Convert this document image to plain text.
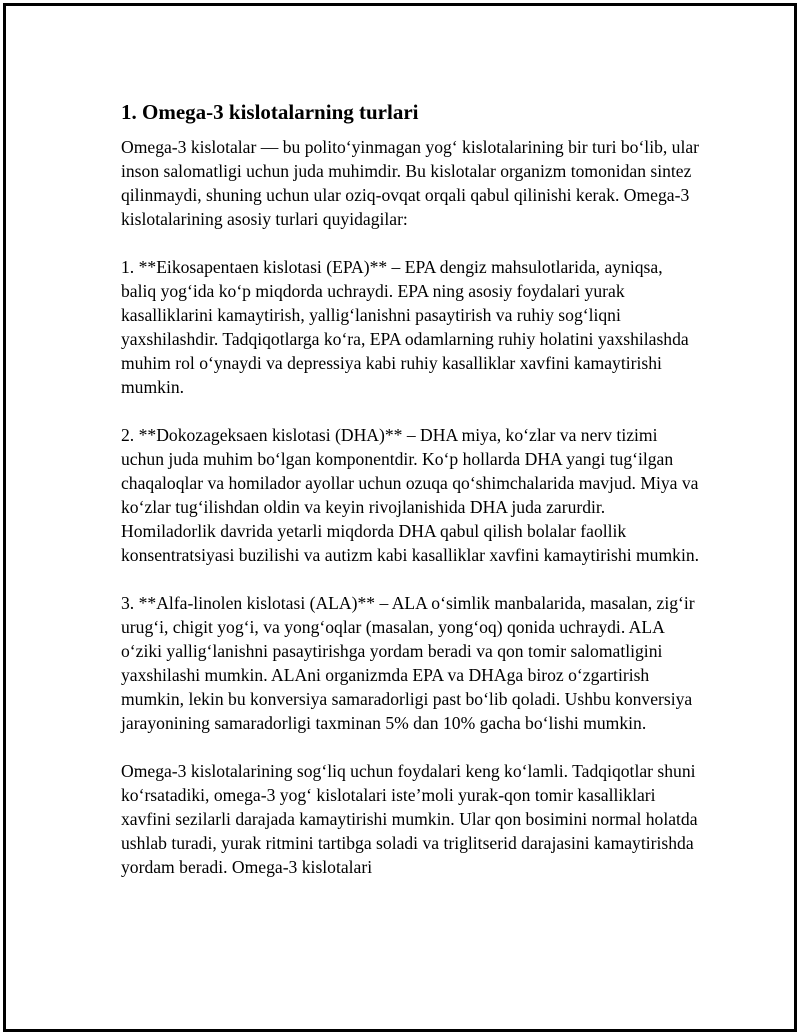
1. Omega-3 kislotalarning turlari

Omega-3 kislotalar — bu polito‘yinmagan yog‘ kislotalarining bir turi bo‘lib, ular inson salomatligi uchun juda muhimdir. Bu kislotalar organizm tomonidan sintez qilinmaydi, shuning uchun ular oziq-ovqat orqali qabul qilinishi kerak. Omega-3 kislotalarining asosiy turlari quyidagilar:

1. **Eikosapentaen kislotasi (EPA)** – EPA dengiz mahsulotlarida, ayniqsa, baliq yog‘ida ko‘p miqdorda uchraydi. EPA ning asosiy foydalari yurak kasalliklarini kamaytirish, yallig‘lanishni pasaytirish va ruhiy sog‘liqni yaxshilashdir. Tadqiqotlarga ko‘ra, EPA odamlarning ruhiy holatini yaxshilashda muhim rol o‘ynaydi va depressiya kabi ruhiy kasalliklar xavfini kamaytirishi mumkin.

2. **Dokozageksaen kislotasi (DHA)** – DHA miya, ko‘zlar va nerv tizimi uchun juda muhim bo‘lgan komponentdir. Ko‘p hollarda DHA yangi tug‘ilgan chaqaloqlar va homilador ayollar uchun ozuqa qo‘shimchalarida mavjud. Miya va ko‘zlar tug‘ilishdan oldin va keyin rivojlanishida DHA juda zarurdir. Homiladorlik davrida yetarli miqdorda DHA qabul qilish bolalar faollik konsentratsiyasi buzilishi va autizm kabi kasalliklar xavfini kamaytirishi mumkin.

3. **Alfa-linolen kislotasi (ALA)** – ALA o‘simlik manbalarida, masalan, zig‘ir urug‘i, chigit yog‘i, va yong‘oqlar (masalan, yong‘oq) qonida uchraydi. ALA o‘ziki yallig‘lanishni pasaytirishga yordam beradi va qon tomir salomatligini yaxshilashi mumkin. ALAni organizmda EPA va DHAga biroz o‘zgartirish mumkin, lekin bu konversiya samaradorligi past bo‘lib qoladi. Ushbu konversiya jarayonining samaradorligi taxminan 5% dan 10% gacha bo‘lishi mumkin.

Omega-3 kislotalarining sog‘liq uchun foydalari keng ko‘lamli. Tadqiqotlar shuni ko‘rsatadiki, omega-3 yog‘ kislotalari iste’moli yurak-qon tomir kasalliklari xavfini sezilarli darajada kamaytirishi mumkin. Ular qon bosimini normal holatda ushlab turadi, yurak ritmini tartibga soladi va triglitserid darajasini kamaytirishda yordam beradi. Omega-3 kislotalari
